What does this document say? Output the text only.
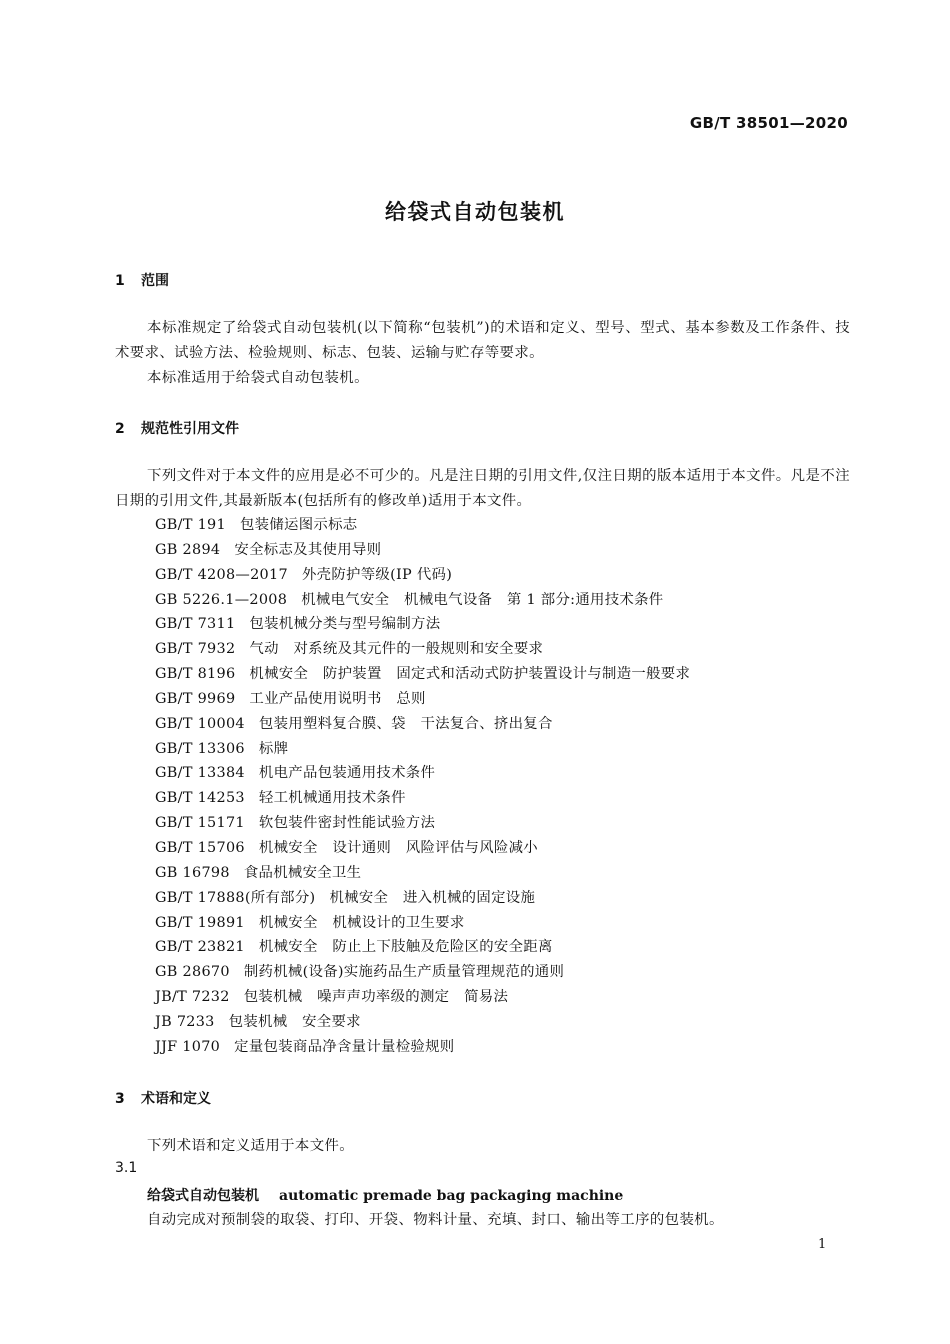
GB/T 38501—2020
给袋式自动包装机
1 范围
本标准规定了给袋式自动包装机(以下简称“包装机”)的术语和定义、型号、型式、基本参数及工作条件、技术要求、试验方法、检验规则、标志、包装、运输与贮存等要求。
本标准适用于给袋式自动包装机。
2 规范性引用文件
下列文件对于本文件的应用是必不可少的。凡是注日期的引用文件,仅注日期的版本适用于本文件。凡是不注日期的引用文件,其最新版本(包括所有的修改单)适用于本文件。
GB/T 191 包装储运图示标志
GB 2894 安全标志及其使用导则
GB/T 4208—2017 外壳防护等级(IP 代码)
GB 5226.1—2008 机械电气安全　机械电气设备　第 1 部分:通用技术条件
GB/T 7311 包装机械分类与型号编制方法
GB/T 7932 气动　对系统及其元件的一般规则和安全要求
GB/T 8196 机械安全　防护装置　固定式和活动式防护装置设计与制造一般要求
GB/T 9969 工业产品使用说明书　总则
GB/T 10004 包装用塑料复合膜、袋　干法复合、挤出复合
GB/T 13306 标牌
GB/T 13384 机电产品包装通用技术条件
GB/T 14253 轻工机械通用技术条件
GB/T 15171 软包装件密封性能试验方法
GB/T 15706 机械安全　设计通则　风险评估与风险减小
GB 16798 食品机械安全卫生
GB/T 17888(所有部分) 机械安全　进入机械的固定设施
GB/T 19891 机械安全　机械设计的卫生要求
GB/T 23821 机械安全　防止上下肢触及危险区的安全距离
GB 28670 制药机械(设备)实施药品生产质量管理规范的通则
JB/T 7232 包装机械　噪声声功率级的测定　简易法
JB 7233 包装机械　安全要求
JJF 1070 定量包装商品净含量计量检验规则
3 术语和定义
下列术语和定义适用于本文件。
3.1
给袋式自动包装机 automatic premade bag packaging machine
自动完成对预制袋的取袋、打印、开袋、物料计量、充填、封口、输出等工序的包装机。
1
